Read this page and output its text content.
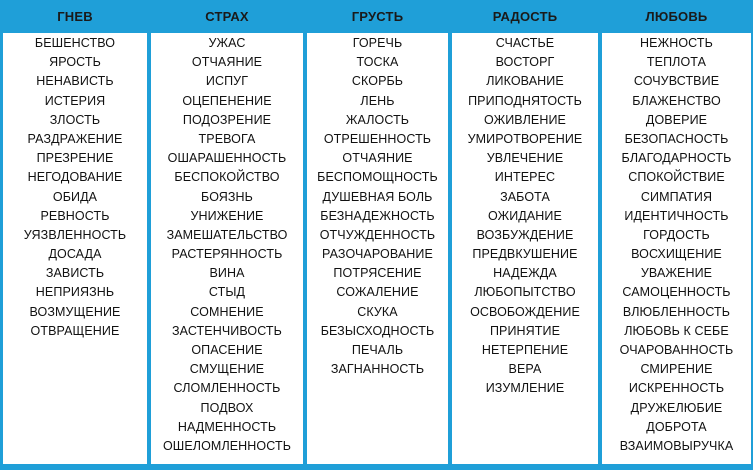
ГНЕВ
БЕШЕНСТВО
ЯРОСТЬ
НЕНАВИСТЬ
ИСТЕРИЯ
ЗЛОСТЬ
РАЗДРАЖЕНИЕ
ПРЕЗРЕНИЕ
НЕГОДОВАНИЕ
ОБИДА
РЕВНОСТЬ
УЯЗВЛЕННОСТЬ
ДОСАДА
ЗАВИСТЬ
НЕПРИЯЗНЬ
ВОЗМУЩЕНИЕ
ОТВРАЩЕНИЕ
СТРАХ
УЖАС
ОТЧАЯНИЕ
ИСПУГ
ОЦЕПЕНЕНИЕ
ПОДОЗРЕНИЕ
ТРЕВОГА
ОШАРАШЕННОСТЬ
БЕСПОКОЙСТВО
БОЯЗНЬ
УНИЖЕНИЕ
ЗАМЕШАТЕЛЬСТВО
РАСТЕРЯННОСТЬ
ВИНА
СТЫД
СОМНЕНИЕ
ЗАСТЕНЧИВОСТЬ
ОПАСЕНИЕ
СМУЩЕНИЕ
СЛОМЛЕННОСТЬ
ПОДВОХ
НАДМЕННОСТЬ
ОШЕЛОМЛЕННОСТЬ
ГРУСТЬ
ГОРЕЧЬ
ТОСКА
СКОРБЬ
ЛЕНЬ
ЖАЛОСТЬ
ОТРЕШЕННОСТЬ
ОТЧАЯНИЕ
БЕСПОМОЩНОСТЬ
ДУШЕВНАЯ БОЛЬ
БЕЗНАДЕЖНОСТЬ
ОТЧУЖДЕННОСТЬ
РАЗОЧАРОВАНИЕ
ПОТРЯСЕНИЕ
СОЖАЛЕНИЕ
СКУКА
БЕЗЫСХОДНОСТЬ
ПЕЧАЛЬ
ЗАГНАННОСТЬ
РАДОСТЬ
СЧАСТЬЕ
ВОСТОРГ
ЛИКОВАНИЕ
ПРИПОДНЯТОСТЬ
ОЖИВЛЕНИЕ
УМИРОТВОРЕНИЕ
УВЛЕЧЕНИЕ
ИНТЕРЕС
ЗАБОТА
ОЖИДАНИЕ
ВОЗБУЖДЕНИЕ
ПРЕДВКУШЕНИЕ
НАДЕЖДА
ЛЮБОПЫТСТВО
ОСВОБОЖДЕНИЕ
ПРИНЯТИЕ
НЕТЕРПЕНИЕ
ВЕРА
ИЗУМЛЕНИЕ
ЛЮБОВЬ
НЕЖНОСТЬ
ТЕПЛОТА
СОЧУВСТВИЕ
БЛАЖЕНСТВО
ДОВЕРИЕ
БЕЗОПАСНОСТЬ
БЛАГОДАРНОСТЬ
СПОКОЙСТВИЕ
СИМПАТИЯ
ИДЕНТИЧНОСТЬ
ГОРДОСТЬ
ВОСХИЩЕНИЕ
УВАЖЕНИЕ
САМОЦЕННОСТЬ
ВЛЮБЛЕННОСТЬ
ЛЮБОВЬ К СЕБЕ
ОЧАРОВАННОСТЬ
СМИРЕНИЕ
ИСКРЕННОСТЬ
ДРУЖЕЛЮБИЕ
ДОБРОТА
ВЗАИМОВЫРУЧКА
